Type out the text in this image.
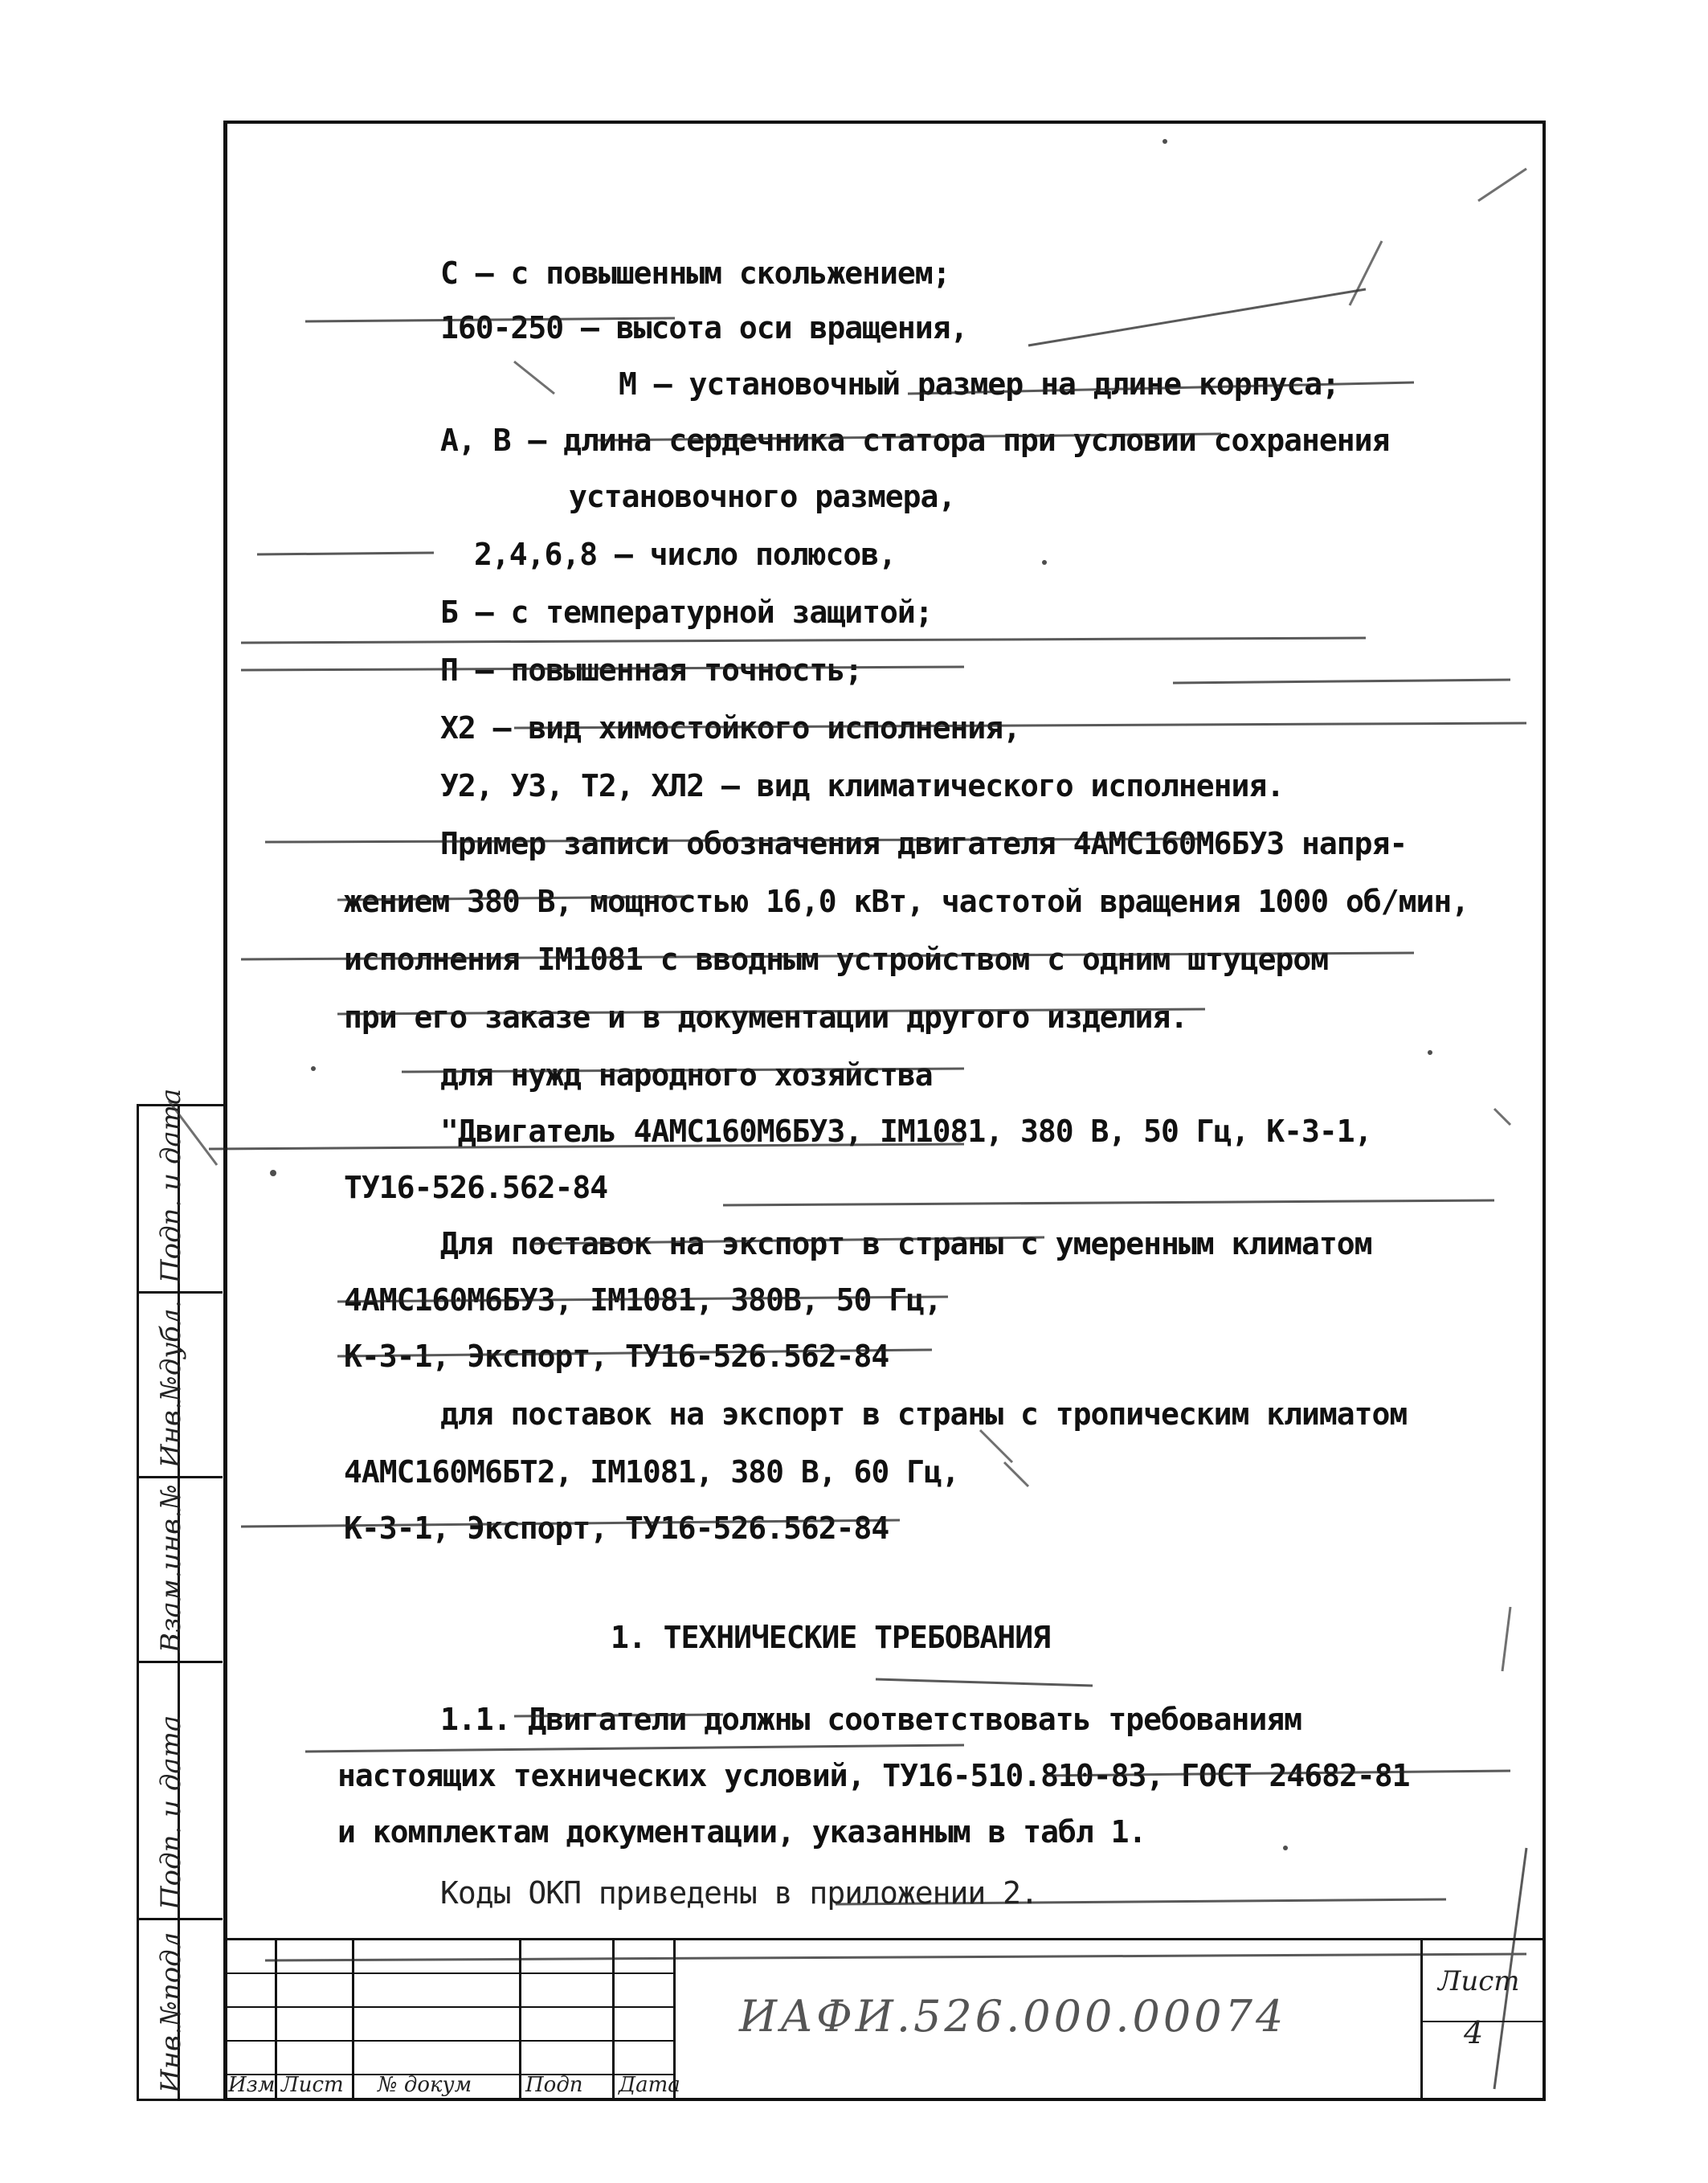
С – с повышенным скольжением;
160-250 – высота оси вращения,
М – установочный размер на длине корпуса;
А, В – длина сердечника статора при условии сохранения
установочного размера,
2,4,6,8 – число полюсов,
Б – с температурной защитой;
П – повышенная точность;
Х2 – вид химостойкого исполнения,
У2, У3, Т2, ХЛ2 – вид климатического исполнения.
Пример записи обозначения двигателя 4АМС160М6БУ3 напря-
жением 380 В, мощностью 16,0 кВт, частотой вращения 1000 об/мин,
исполнения IМ1081 с вводным устройством с одним штуцером
при его заказе и в документации другого изделия.
для нужд народного хозяйства
"Двигатель 4АМС160М6БУ3, IМ1081, 380 В, 50 Гц, К-3-1,
ТУ16-526.562-84
Для поставок на экспорт в страны с умеренным климатом
4АМС160М6БУ3, IМ1081, 380В, 50 Гц,
К-3-1, Экспорт, ТУ16-526.562-84
для поставок на экспорт в страны с тропическим климатом
4АМС160М6БТ2, IМ1081, 380 В, 60 Гц,
К-3-1, Экспорт, ТУ16-526.562-84
1. ТЕХНИЧЕСКИЕ ТРЕБОВАНИЯ
1.1. Двигатели должны соответствовать требованиям
настоящих технических условий, ТУ16-510.810-83, ГОСТ 24682-81
и комплектам документации, указанным в табл 1.
Коды ОКП приведены в приложении 2.
Подп. и дата
Инв.№дубл.
Взам.инв.№
Подп. и дата
Инв.№подл Изм Лист № докум	Подп Дата
ИАФИ.526.000.00074
Лист
4
